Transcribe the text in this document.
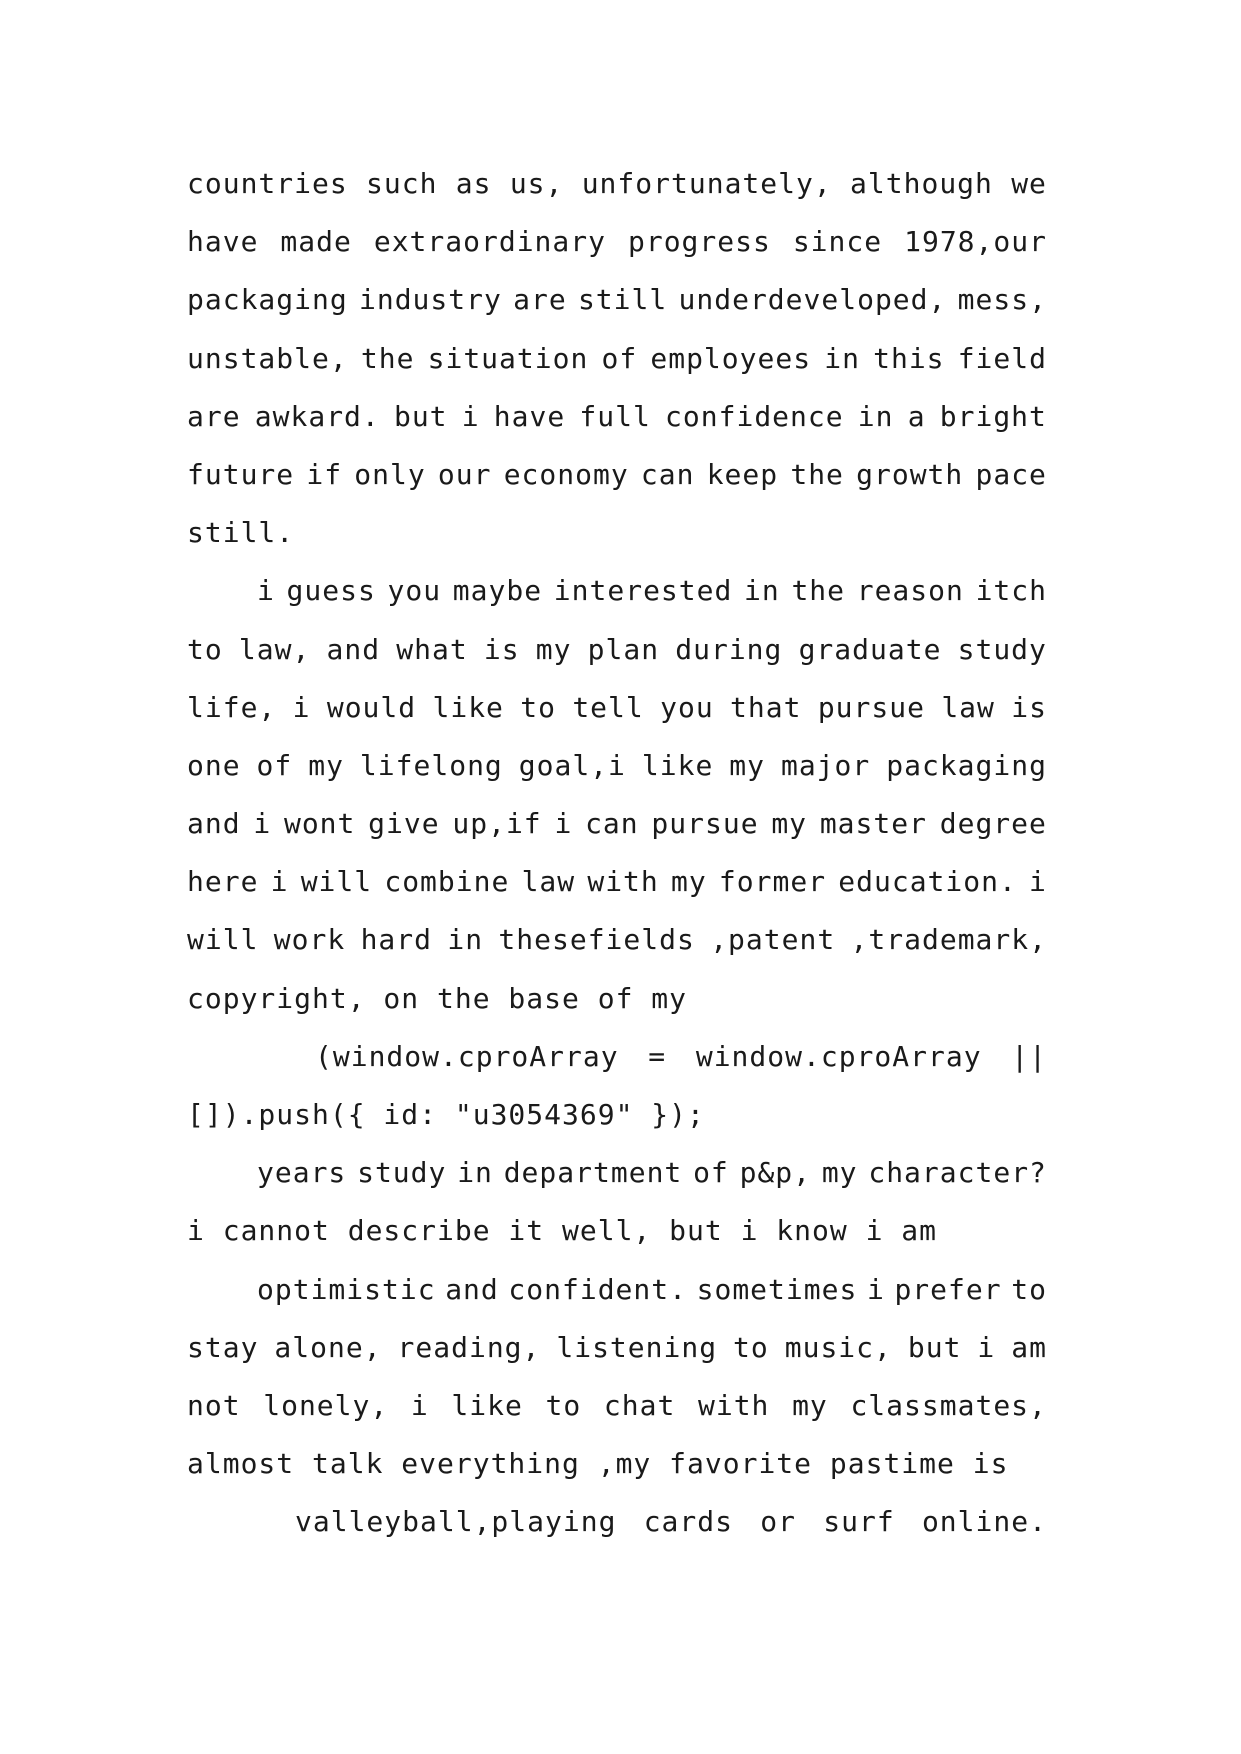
countries such as us, unfortunately, although we
have made extraordinary progress since 1978,our
packaging industry are still underdeveloped, mess,
unstable, the situation of employees in this field
are awkard. but i have full confidence in a bright
future if only our economy can keep the growth pace
still.
i guess you maybe interested in the reason itch
to law, and what is my plan during graduate study
life, i would like to tell you that pursue law is
one of my lifelong goal,i like my major packaging
and i wont give up,if i can pursue my master degree
here i will combine law with my former education. i
will work hard in thesefields ,patent ,trademark,
copyright, on the base of my
(window.cproArray = window.cproArray ||
[]).push({ id: "u3054369" });
years study in department of p&p, my character?
i cannot describe it well, but i know i am
optimistic and confident. sometimes i prefer to
stay alone, reading, listening to music, but i am
not lonely, i like to chat with my classmates,
almost talk everything ,my favorite pastime is
valleyball,playing cards or surf online.
